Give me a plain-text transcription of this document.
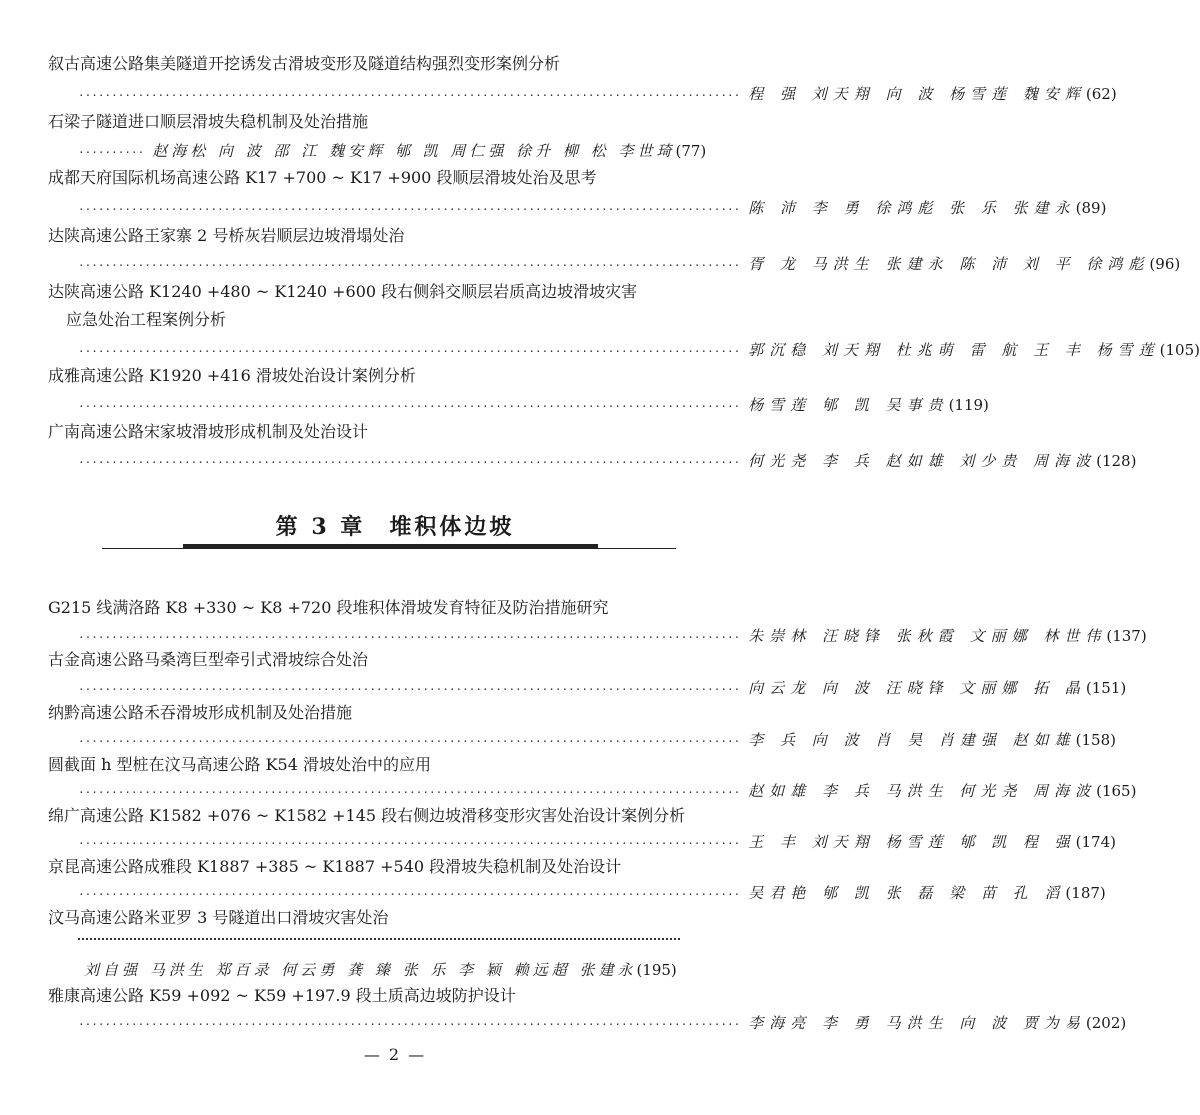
叙古高速公路集美隧道开挖诱发古滑坡变形及隧道结构强烈变形案例分析
···································································································· 程 强 刘天翔 向 波 杨雪莲 魏安辉 (62)
石梁子隧道进口顺层滑坡失稳机制及处治措施
·········· 赵海松 向 波 邵 江 魏安辉 郇 凯 周仁强 徐升 柳 松 李世琦 (77)
成都天府国际机场高速公路 K17 +700 ~ K17 +900 段顺层滑坡处治及思考
···································································································· 陈 沛 李 勇 徐鸿彪 张 乐 张建永 (89)
达陕高速公路王家寨 2 号桥灰岩顺层边坡滑塌处治
···································································································· 胥 龙 马洪生 张建永 陈 沛 刘 平 徐鸿彪 (96)
达陕高速公路 K1240 +480 ~ K1240 +600 段右侧斜交顺层岩质高边坡滑坡灾害
应急处治工程案例分析
···································································································· 郭沉稳 刘天翔 杜兆萌 雷 航 王 丰 杨雪莲 (105)
成雅高速公路 K1920 +416 滑坡处治设计案例分析
···································································································· 杨雪莲 郇 凯 吴事贵 (119)
广南高速公路宋家坡滑坡形成机制及处治设计
···································································································· 何光尧 李 兵 赵如雄 刘少贵 周海波 (128)
第 3 章 堆积体边坡
G215 线满洛路 K8 +330 ~ K8 +720 段堆积体滑坡发育特征及防治措施研究
···································································································· 朱崇林 汪晓锋 张秋霞 文丽娜 林世伟 (137)
古金高速公路马桑湾巨型牵引式滑坡综合处治
···································································································· 向云龙 向 波 汪晓锋 文丽娜 拓 晶 (151)
纳黔高速公路禾吞滑坡形成机制及处治措施
···································································································· 李 兵 向 波 肖 昊 肖建强 赵如雄 (158)
圆截面 h 型桩在汶马高速公路 K54 滑坡处治中的应用
···································································································· 赵如雄 李 兵 马洪生 何光尧 周海波 (165)
绵广高速公路 K1582 +076 ~ K1582 +145 段右侧边坡滑移变形灾害处治设计案例分析
···································································································· 王 丰 刘天翔 杨雪莲 郇 凯 程 强 (174)
京昆高速公路成雅段 K1887 +385 ~ K1887 +540 段滑坡失稳机制及处治设计
···································································································· 吴君艳 郇 凯 张 磊 梁 苗 孔 滔 (187)
汶马高速公路米亚罗 3 号隧道出口滑坡灾害处治
刘自强 马洪生 郑百录 何云勇 龚 臻 张 乐 李 颖 赖远超 张建永 (195)
雅康高速公路 K59 +092 ~ K59 +197.9 段土质高边坡防护设计
···································································································· 李海亮 李 勇 马洪生 向 波 贾为易 (202)
— 2 —
